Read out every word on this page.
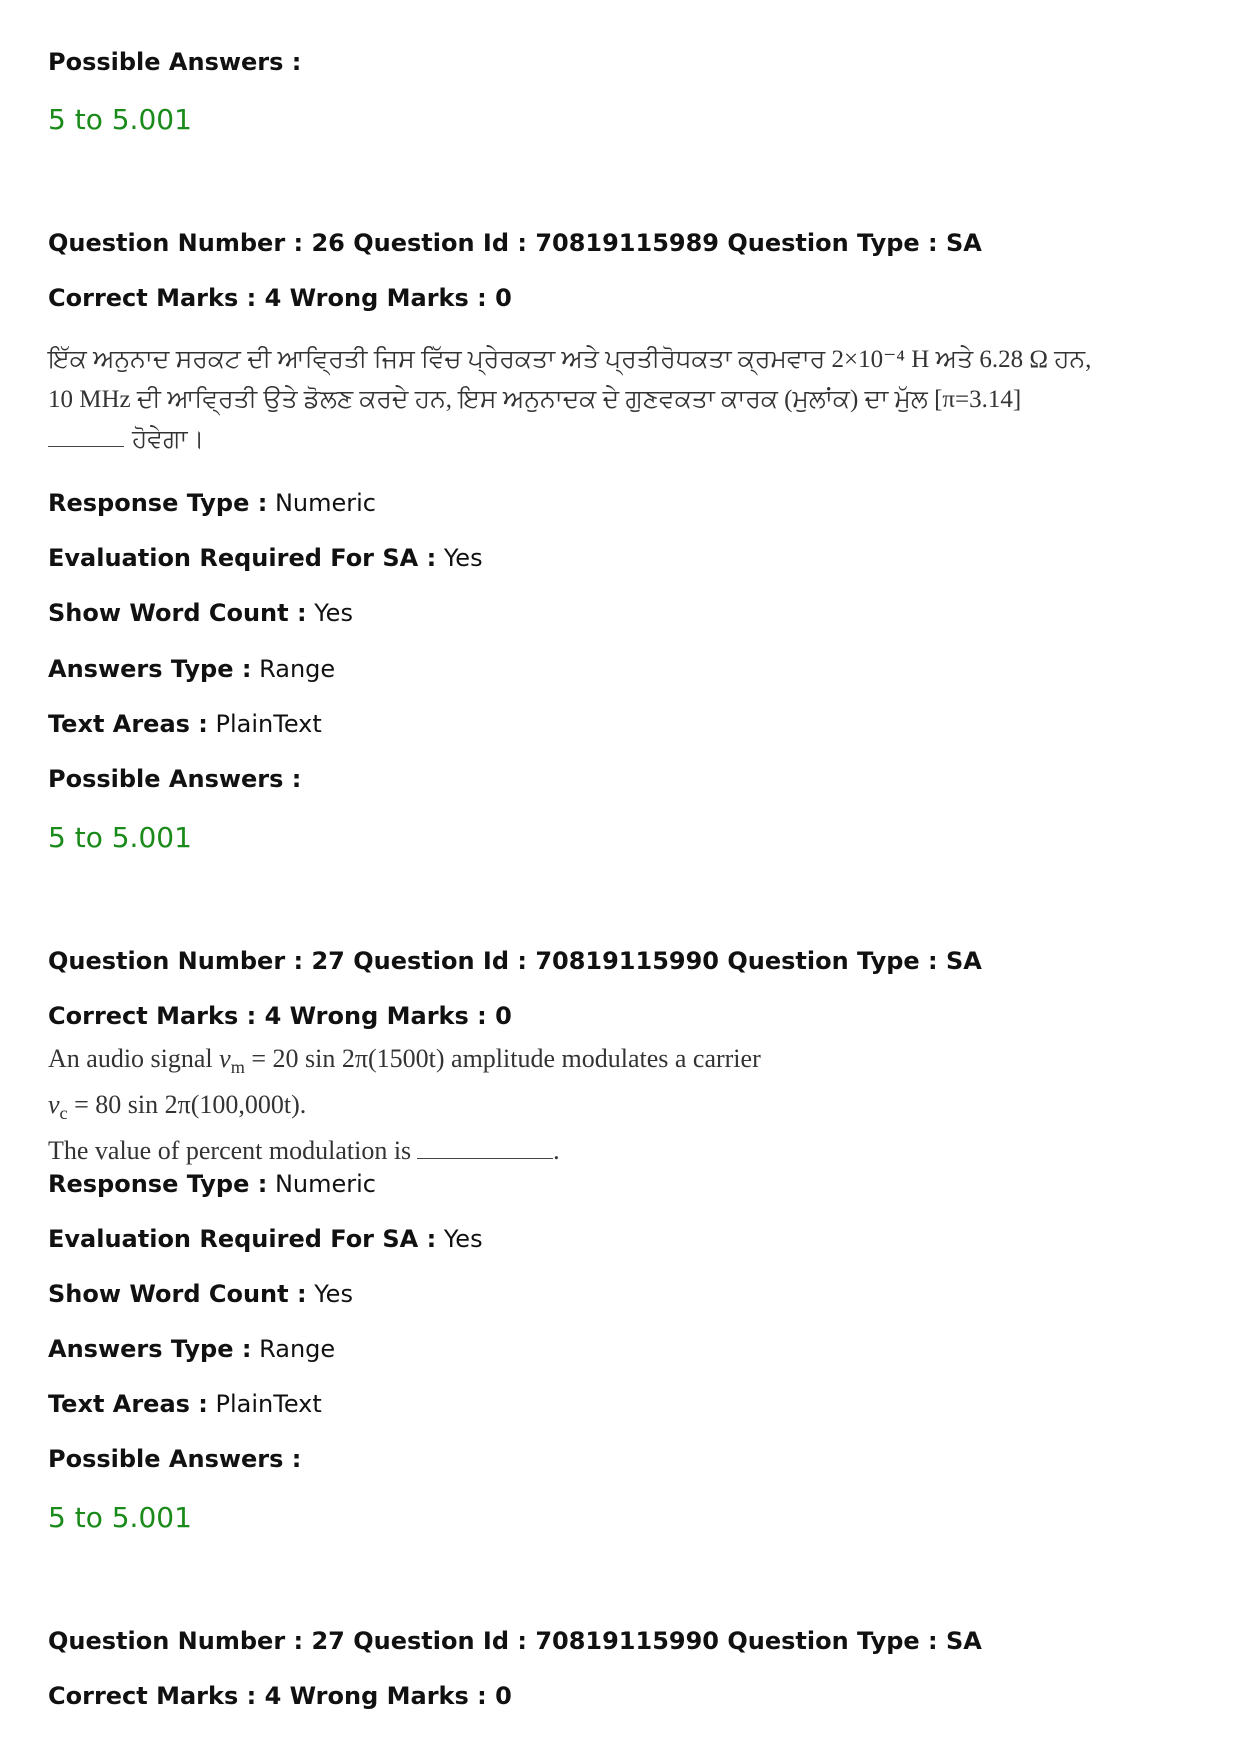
Possible Answers :
5 to 5.001
Question Number : 26 Question Id : 70819115989 Question Type : SA
Correct Marks : 4 Wrong Marks : 0
ਇੱਕ ਅਨੁਨਾਦ ਸਰਕਟ ਦੀ ਆਵ੍ਰਿਤੀ ਜਿਸ ਵਿੱਚ ਪ੍ਰੇਰਕਤਾ ਅਤੇ ਪ੍ਰਤੀਰੋਧਕਤਾ ਕ੍ਰਮਵਾਰ 2×10⁻⁴ H ਅਤੇ 6.28 Ω ਹਨ,
10 MHz ਦੀ ਆਵ੍ਰਿਤੀ ਉਤੇ ਡੋਲਣ ਕਰਦੇ ਹਨ, ਇਸ ਅਨੁਨਾਦਕ ਦੇ ਗੁਣਵਕਤਾ ਕਾਰਕ (ਮੁਲਾਂਕ) ਦਾ ਮੁੱਲ [π=3.14]
ਹੋਵੇਗਾ।
Response Type : Numeric
Evaluation Required For SA : Yes
Show Word Count : Yes
Answers Type : Range
Text Areas : PlainText
Possible Answers :
5 to 5.001
Question Number : 27 Question Id : 70819115990 Question Type : SA
Correct Marks : 4 Wrong Marks : 0
An audio signal $v_m = 20$ sin 2π(1500t) amplitude modulates a carrier
$v_c = 80$ sin 2π(100,000t).
The value of percent modulation is	.
Response Type : Numeric
Evaluation Required For SA : Yes
Show Word Count : Yes
Answers Type : Range
Text Areas : PlainText
Possible Answers :
5 to 5.001
Question Number : 27 Question Id : 70819115990 Question Type : SA
Correct Marks : 4 Wrong Marks : 0
